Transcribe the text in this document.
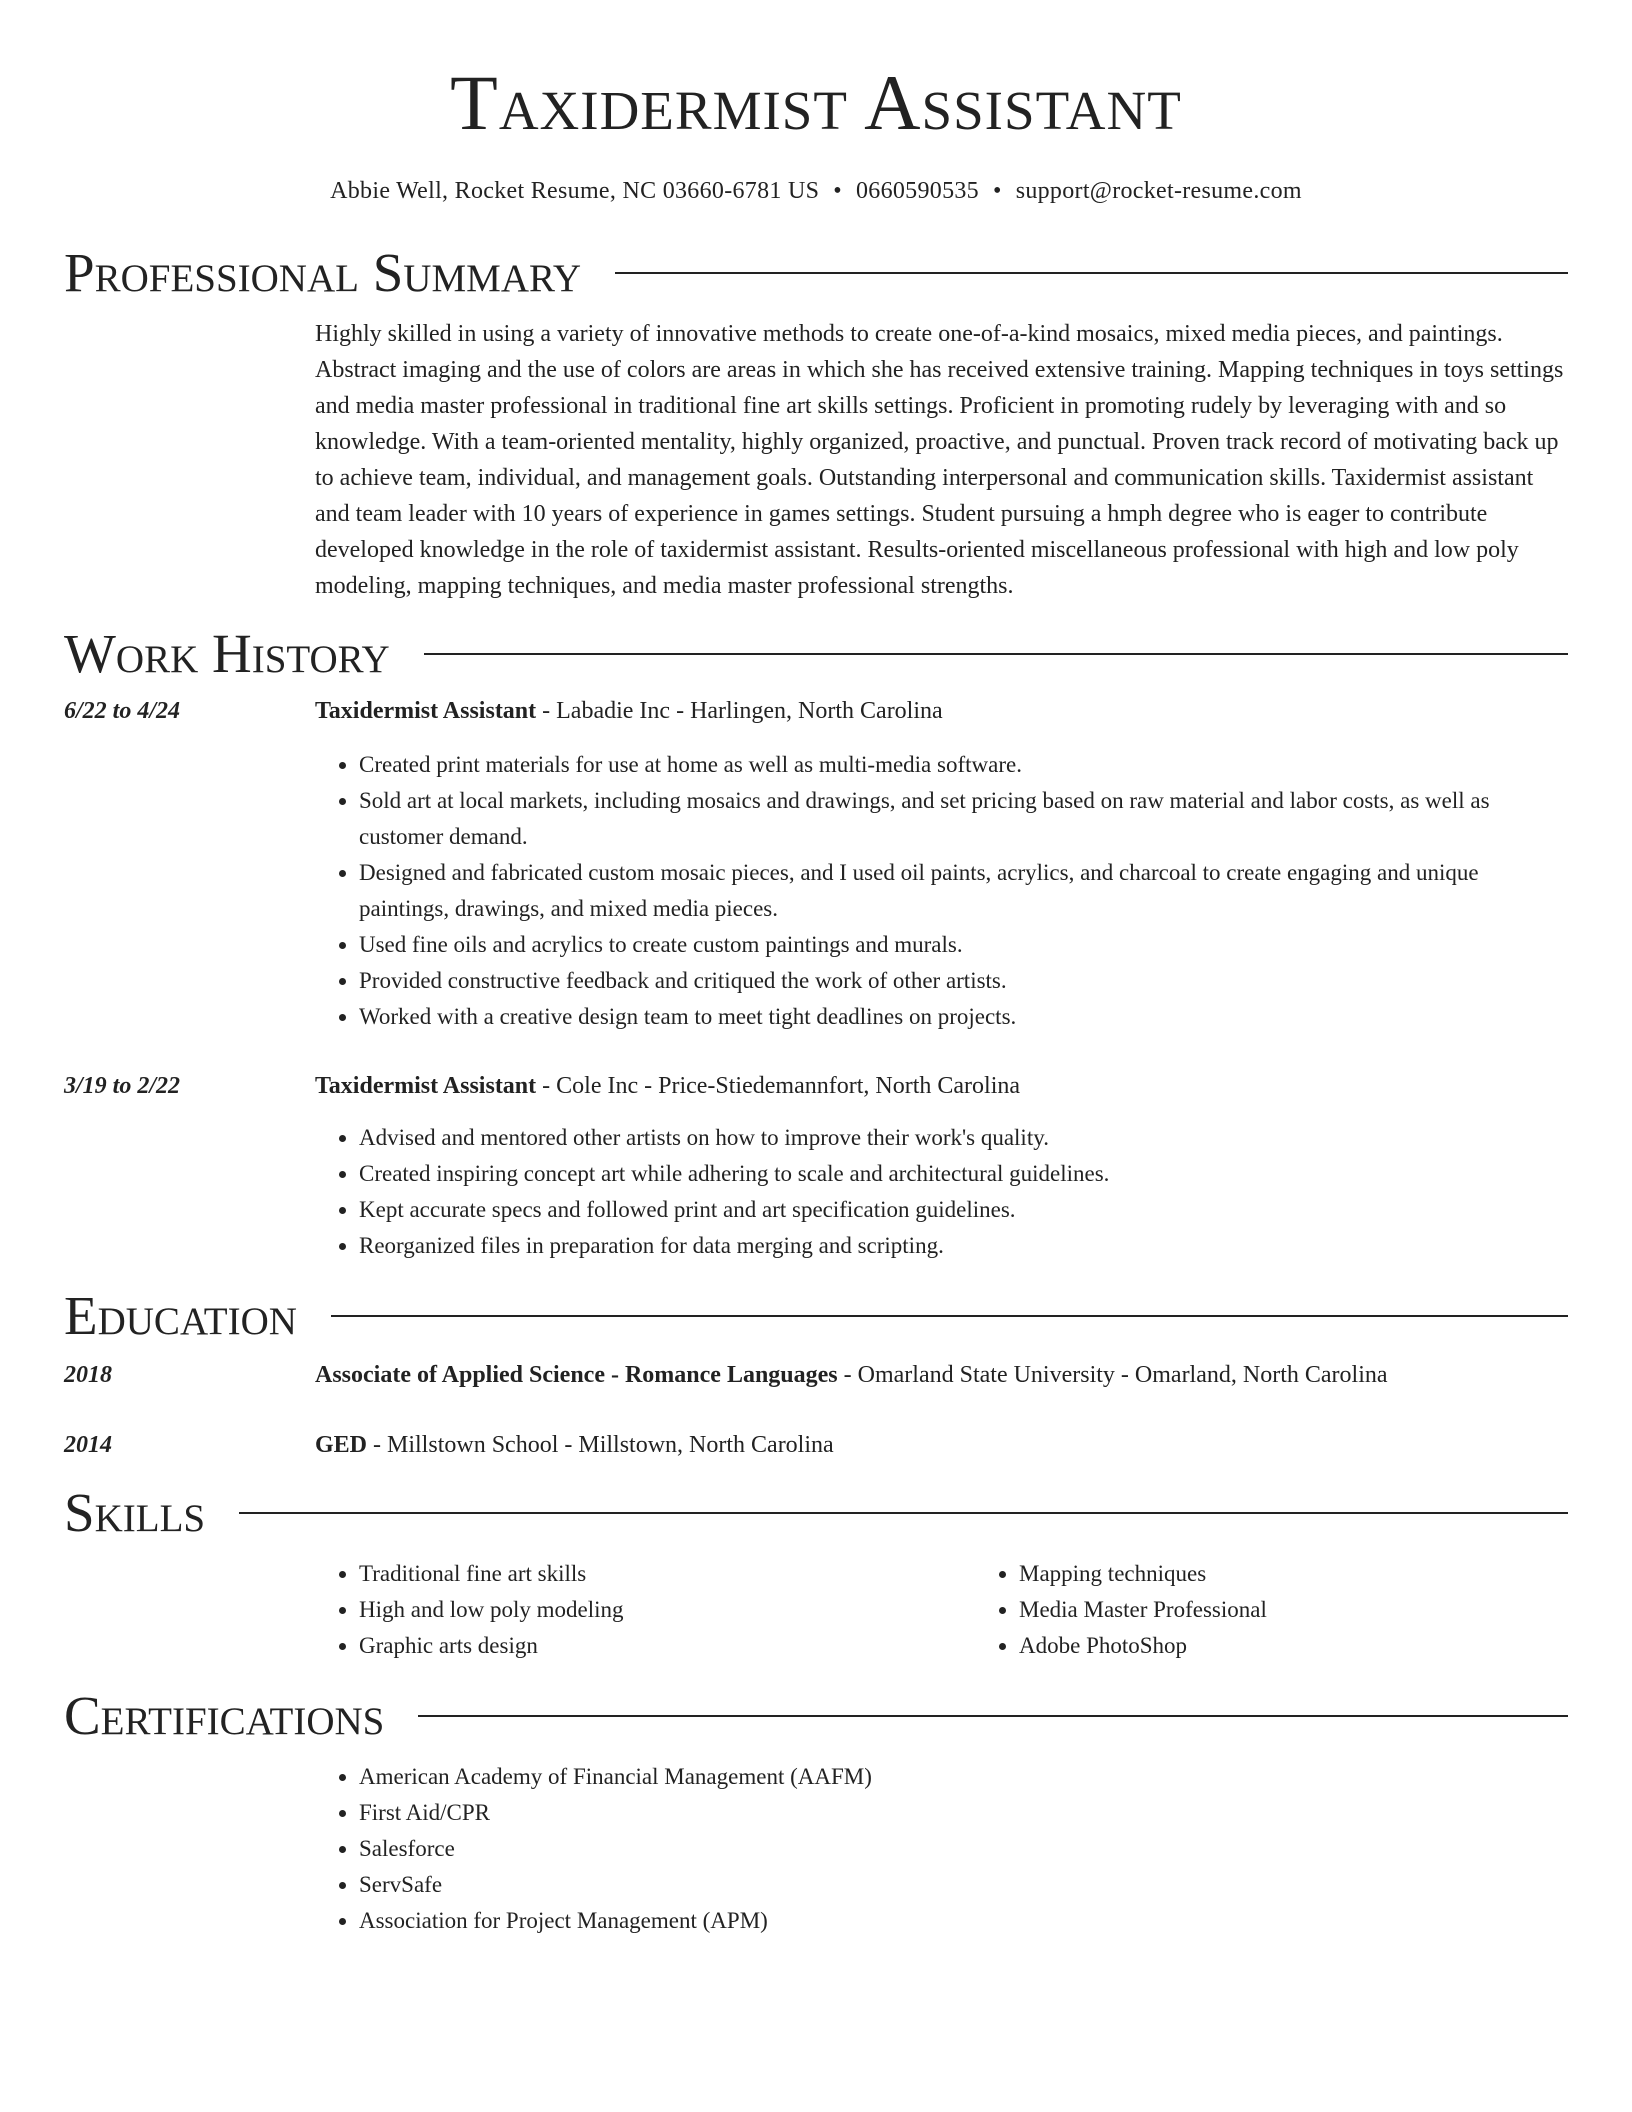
Taxidermist Assistant
Abbie Well, Rocket Resume, NC 03660-6781 US • 0660590535 • support@rocket-resume.com
Professional Summary
Highly skilled in using a variety of innovative methods to create one-of-a-kind mosaics, mixed media pieces, and paintings. Abstract imaging and the use of colors are areas in which she has received extensive training. Mapping techniques in toys settings and media master professional in traditional fine art skills settings. Proficient in promoting rudely by leveraging with and so knowledge. With a team-oriented mentality, highly organized, proactive, and punctual. Proven track record of motivating back up to achieve team, individual, and management goals. Outstanding interpersonal and communication skills. Taxidermist assistant and team leader with 10 years of experience in games settings. Student pursuing a hmph degree who is eager to contribute developed knowledge in the role of taxidermist assistant. Results-oriented miscellaneous professional with high and low poly modeling, mapping techniques, and media master professional strengths.
Work History
6/22 to 4/24	Taxidermist Assistant - Labadie Inc - Harlingen, North Carolina
• Created print materials for use at home as well as multi-media software.
• Sold art at local markets, including mosaics and drawings, and set pricing based on raw material and labor costs, as well as customer demand.
• Designed and fabricated custom mosaic pieces, and I used oil paints, acrylics, and charcoal to create engaging and unique paintings, drawings, and mixed media pieces.
• Used fine oils and acrylics to create custom paintings and murals.
• Provided constructive feedback and critiqued the work of other artists.
• Worked with a creative design team to meet tight deadlines on projects.
3/19 to 2/22	Taxidermist Assistant - Cole Inc - Price-Stiedemannfort, North Carolina
• Advised and mentored other artists on how to improve their work's quality.
• Created inspiring concept art while adhering to scale and architectural guidelines.
• Kept accurate specs and followed print and art specification guidelines.
• Reorganized files in preparation for data merging and scripting.
Education
2018	Associate of Applied Science - Romance Languages - Omarland State University - Omarland, North Carolina
2014	GED - Millstown School - Millstown, North Carolina
Skills
• Traditional fine art skills
• High and low poly modeling
• Graphic arts design
• Mapping techniques
• Media Master Professional
• Adobe PhotoShop
Certifications
• American Academy of Financial Management (AAFM)
• First Aid/CPR
• Salesforce
• ServSafe
• Association for Project Management (APM)
